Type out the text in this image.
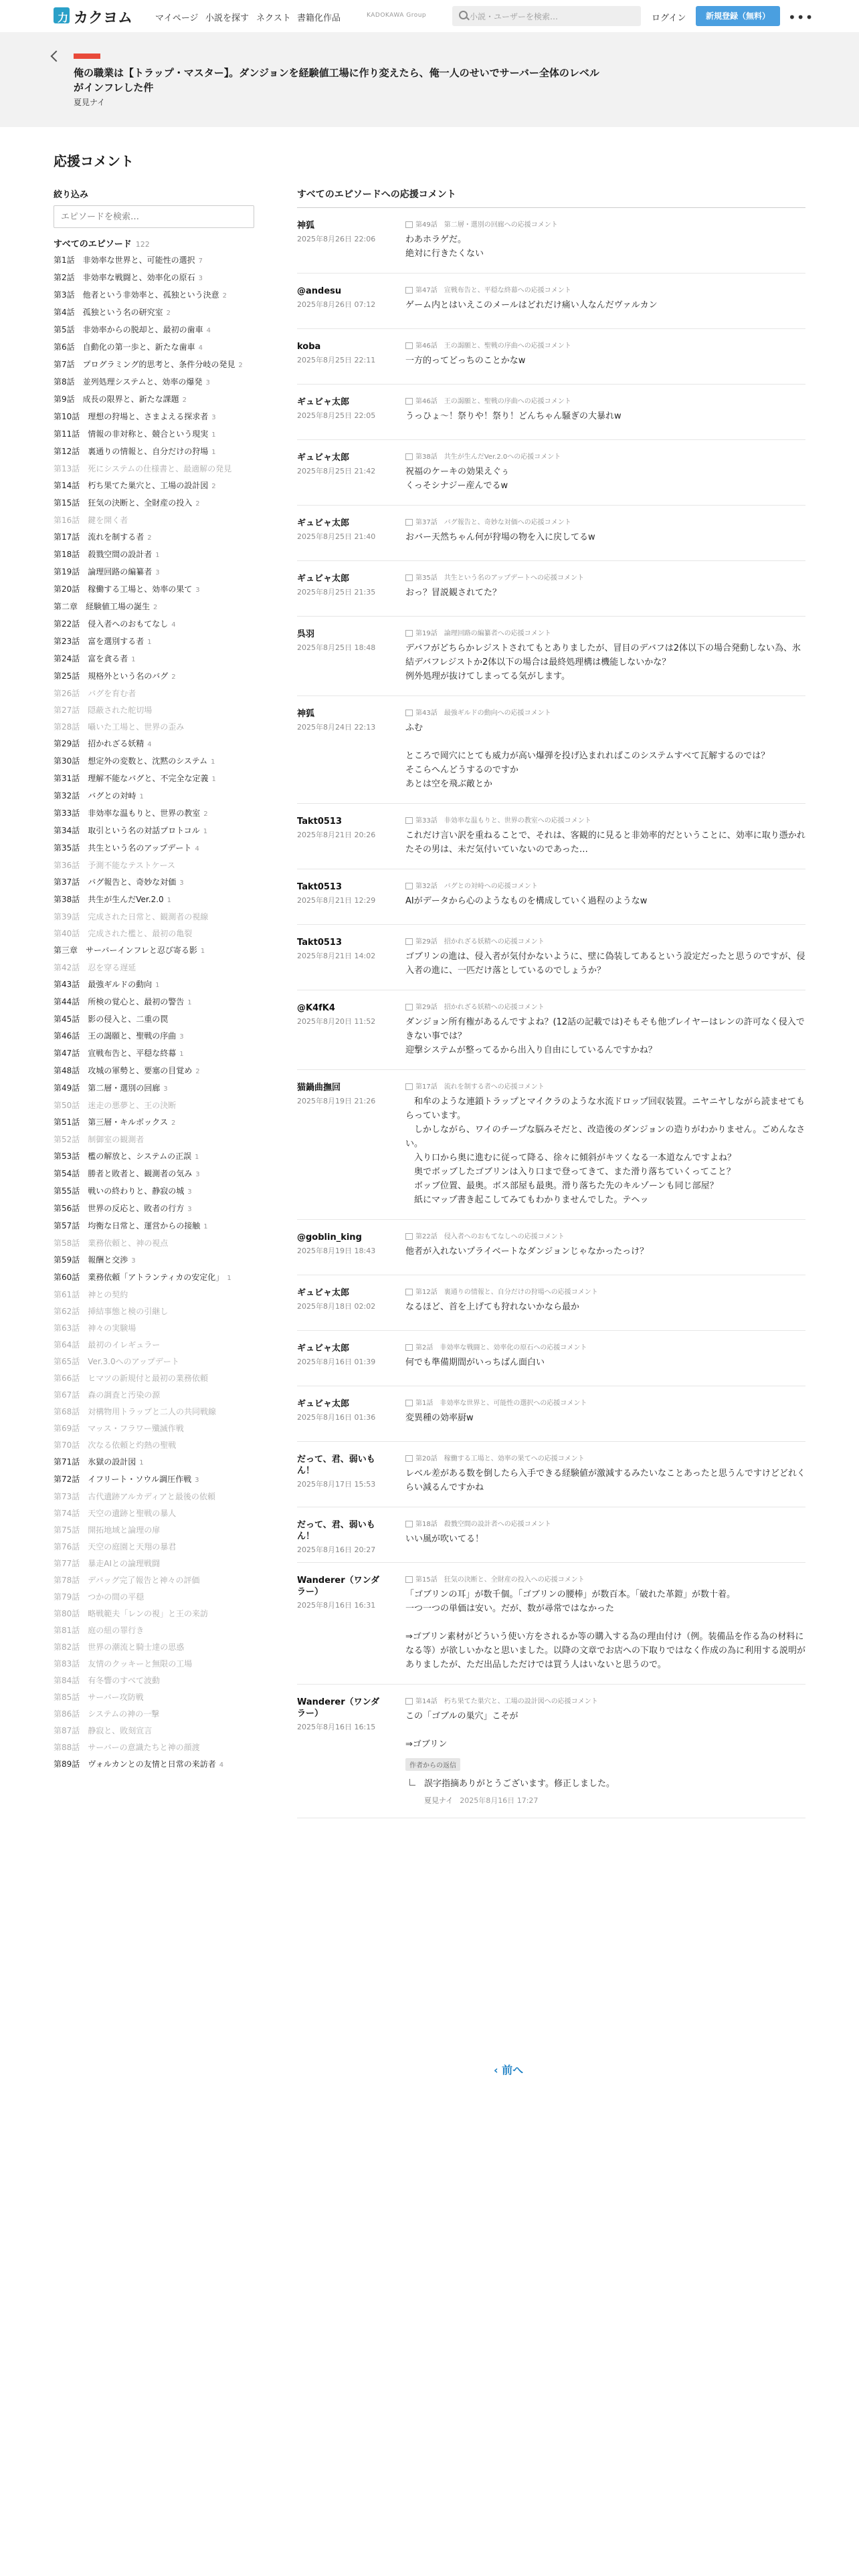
力 カクヨム	マイページ 小説を探す ネクスト 書籍化作品	KADOKAWA Group	小説・ユーザーを検索…	ログイン	新規登録（無料）	•••
俺の職業は【トラップ・マスター】。ダンジョンを経験値工場に作り変えたら、俺一人のせいでサーバー全体のレベルがインフレした件
夏見ナイ
応援コメント
絞り込み
エピソードを検索…
すべてのエピソード 122
第1話　非効率な世界と、可能性の選択 7
第2話　非効率な戦闘と、効率化の原石 3
第3話　他者という非効率と、孤独という決意 2
第4話　孤独という名の研究室 2
第5話　非効率からの脱却と、最初の歯車 4
第6話　自動化の第一歩と、新たな歯車 4
第7話　プログラミング的思考と、条件分岐の発見 2
第8話　並列処理システムと、効率の爆発 3
第9話　成長の限界と、新たな課題 2
第10話　理想の狩場と、さまよえる探求者 3
第11話　情報の非対称と、競合という現実 1
第12話　裏通りの情報と、自分だけの狩場 1
第13話　死にシステムの仕様書と、最適解の発見
第14話　朽ち果てた巣穴と、工場の設計図 2
第15話　狂気の決断と、全財産の投入 2
第16話　鍵を開く者
第17話　流れを制する者 2
第18話　殺戮空間の設計者 1
第19話　論理回路の編纂者 3
第20話　稼働する工場と、効率の果て 3
第二章　経験値工場の誕生 2
第22話　侵入者へのおもてなし 4
第23話　富を選別する者 1
第24話　富を貪る者 1
第25話　規格外という名のバグ 2
第26話　バグを育む者
第27話　隠蔽された舵切場
第28話　囁いた工場と、世界の歪み
第29話　招かれざる妖精 4
第30話　想定外の変数と、沈黙のシステム 1
第31話　理解不能なバグと、不完全な定義 1
第32話　バグとの対峙 1
第33話　非効率な温もりと、世界の教室 2
第34話　取引という名の対話プロトコル 1
第35話　共生という名のアップデート 4
第36話　予測不能なテストケース
第37話　バグ報告と、奇妙な対価 3
第38話　共生が生んだVer.2.0 1
第39話　完成された日常と、観測者の視線
第40話　完成された檻と、最初の亀裂
第三章　サーバーインフレと忍び寄る影 1
第42話　忍を穿る遅延
第43話　最強ギルドの動向 1
第44話　所検の覚心と、最初の警告 1
第45話　影の侵入と、二重の罠
第46話　王の謁願と、聖戦の序曲 3
第47話　宣戦布告と、平穏な終幕 1
第48話　攻城の軍勢と、要塞の目覚め 2
第49話　第二層・選別の回廊 3
第50話　迷走の悪夢と、王の決断
第51話　第三層・キルボックス 2
第52話　制御室の観測者
第53話　檻の解放と、システムの正誤 1
第54話　勝者と敗者と、観測者の気み 3
第55話　戦いの終わりと、静寂の城 3
第56話　世界の反応と、敗者の行方 3
第57話　均衡な日常と、運営からの接触 1
第58話　業務依頼と、神の視点
第59話　報酬と交渉 3
第60話　業務依頼「アトランティカの安定化」 1
第61話　神との契約
第62話　挿結事態と検の引継し
第63話　神々の実験場
第64話　最初のイレギュラー
第65話　Ver.3.0へのアップデート
第66話　ヒマツの新規付と最初の業務依頼
第67話　森の調査と汚染の源
第68話　対構物用トラップと二人の共同戦線
第69話　マッス・フラワー殲滅作戦
第70話　次なる依頼と灼熱の聖戦
第71話　氷獄の設計図 1
第72話　イフリート・ソウル調圧作戦 3
第73話　古代遺跡アルカディアと最後の依頼
第74話　天空の遺跡と聖戦の暴人
第75話　開拓地域と論理の扉
第76話　天空の庭園と天翔の暴君
第77話　暴走AIとの論理戦闘
第78話　デバッグ完了報告と神々の評価
第79話　つかの間の平穏
第80話　略戦範夫「レンの視」と王の来訪
第81話　庭の紐の罪行き
第82話　世界の潮流と騎士達の思惑
第83話　友情のクッキーと無限の工場
第84話　有冬響のすべて波動
第85話　サーバー攻防戦
第86話　システムの神の一撃
第87話　静寂と、敗刻宣言
第88話　サーバーの意識たちと神の顔渡
第89話　ヴォルカンとの友情と日常の来訪者 4
すべてのエピソードへの応援コメント
神狐
2025年8月26日 22:06
第49話　第二層・選別の回廊への応援コメント
わあホラゲだ。
絶対に行きたくない
@andesu
2025年8月26日 07:12
第47話　宣戦布告と、平穏な終幕への応援コメント
ゲーム内とはいえこのメールはどれだけ痛い人なんだヴァルカン
koba
2025年8月25日 22:11
第46話　王の謁願と、聖戦の序曲への応援コメント
一方的ってどっちのことかなw
ギュビャ太郎
2025年8月25日 22:05
第46話　王の謁願と、聖戦の序曲への応援コメント
うっひょ〜！祭りや！祭り！どんちゃん騒ぎの大暴れw
ギュビャ太郎
2025年8月25日 21:42
第38話　共生が生んだVer.2.0への応援コメント
祝福のケーキの効果えぐぅ
くっそシナジー産んでるw
ギュビャ太郎
2025年8月25日 21:40
第37話　バグ報告と、奇妙な対価への応援コメント
おバー天然ちゃん何が狩場の物を入に戻してるw
ギュビャ太郎
2025年8月25日 21:35
第35話　共生という名のアップデートへの応援コメント
おっ？冒説観されてた？
呉羽
2025年8月25日 18:48
第19話　論理回路の編纂者への応援コメント
デバフがどちらかレジストされてもとありましたが、冒目のデバフは2体以下の場合発動しない為、氷結デバフレジストか2体以下の場合は最終処理構は機能しないかな？
例外処理が抜けてしまってる気がします。
神狐
2025年8月24日 22:13
第43話　最強ギルドの動向への応援コメント
ふむ

ところで岡穴にとても威力が高い爆弾を投げ込まれればこのシステムすべて瓦解するのでは？
そこらへんどうするのですか
あとは空を飛ぶ敵とか
Takt0513
2025年8月21日 20:26
第33話　非効率な温もりと、世界の教室への応援コメント
これだけ言い訳を重ねることで、それは、客観的に見ると非効率的だということに、効率に取り憑かれたその男は、未だ気付いていないのであった…
Takt0513
2025年8月21日 12:29
第32話　バグとの対峙への応援コメント
AIがデータから心のようなものを構成していく過程のようなw
Takt0513
2025年8月21日 14:02
第29話　招かれざる妖精への応援コメント
ゴブリンの進は、侵入者が気付かないように、壁に偽装してあるという設定だったと思うのですが、侵入者の進に、一匹だけ落としているのでしょうか？
@K4fK4
2025年8月20日 11:52
第29話　招かれざる妖精への応援コメント
ダンジョン所有権があるんですよね？(12話の記載では)そもそも他プレイヤーはレンの許可なく侵入できない事では？
迎撃システムが整ってるから出入り自由にしているんですかね？
猫鍋曲撫回
2025年8月19日 21:26
第17話　流れを制する者への応援コメント
　和牟のような連鎖トラップとマイクラのような水流ドロップ回収装置。ニヤニヤしながら読ませてもらっています。
　しかしながら、ワイのチープな脳みそだと、改造後のダンジョンの造りがわかりません。ごめんなさい。
　入り口から奥に進むに従って降る、徐々に傾斜がキツくなる一本道なんですよね？
　奥でボッブしたゴブリンは入り口まで登ってきて、また滑り落ちていくってこと？
　ボッブ位置、最奥。ボス部屋も最奥。滑り落ちた先のキルゾーンも同じ部屋？
　紙にマップ書き起こしてみてもわかりませんでした。テヘッ
@goblin_king
2025年8月19日 18:43
第22話　侵入者へのおもてなしへの応援コメント
他者が入れないプライベートなダンジョンじゃなかったっけ？
ギュビャ太郎
2025年8月18日 02:02
第12話　裏通りの情報と、自分だけの狩場への応援コメント
なるほど、首を上げても狩れないかなら最か
ギュビャ太郎
2025年8月16日 01:39
第2話　非効率な戦闘と、効率化の原石への応援コメント
何でも準備期間がいっちばん面白い
ギュビャ太郎
2025年8月16日 01:36
第1話　非効率な世界と、可能性の選択への応援コメント
変異種の効率厨w
だって、君、弱いもん！
2025年8月17日 15:53
第20話　稼働する工場と、効率の果てへの応援コメント
レベル差がある数を倒したら入手できる経験値が激減するみたいなことあったと思うんですけどどれくらい減るんですかね
だって、君、弱いもん！
2025年8月16日 20:27
第18話　殺戮空間の設計者への応援コメント
いい風が吹いてる！
Wanderer（ワンダラー）
2025年8月16日 16:31
第15話　狂気の決断と、全財産の投入への応援コメント
「ゴブリンの耳」が数千個。「ゴブリンの腰棒」が数百本。「破れた革鎧」が数十着。
一つ一つの単価は安い。だが、数が尋常ではなかった

⇒ゴブリン素材がどういう使い方をされるか等の購入する為の理由付け（例。装備品を作る為の材料になる等）が欲しいかなと思いました。以降の文章でお店への下取りではなく作成の為に利用する説明がありましたが、ただ出品しただけでは買う人はいないと思うので。
Wanderer（ワンダラー）
2025年8月16日 16:15
第14話　朽ち果てた巣穴と、工場の設計図への応援コメント
この「ゴブルの巣穴」こそが

⇒ゴブリン
作者からの返信
誤字指摘ありがとうございます。修正しました。
夏見ナイ 2025年8月16日 17:27
‹ 前へ
